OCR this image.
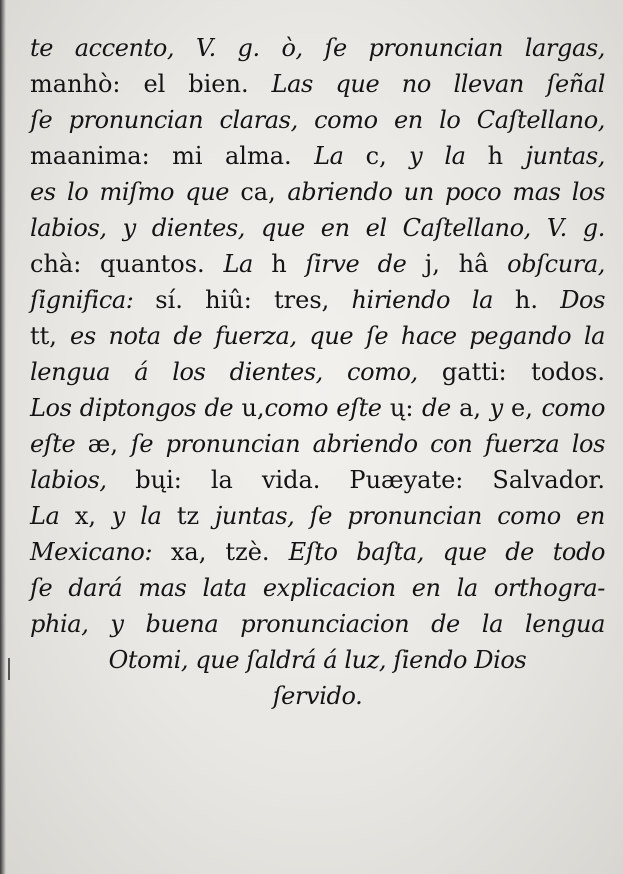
te accento, V. g. ò, ſe pronuncian largas,
manhò: el bien. Las que no llevan ſeñal
ſe pronuncian claras, como en lo Caſtellano,
maanima: mi alma. La c, y la h juntas,
es lo miſmo que ca, abriendo un poco mas los
labios, y dientes, que en el Caſtellano, V. g.
chà: quantos. La h ſirve de j, hâ obſcura,
ſignifica: sí. hiû: tres, hiriendo la h. Dos
tt, es nota de fuerza, que ſe hace pegando la
lengua á los dientes, como, gatti: todos.
Los diptongos de u,como eſte ų: de a, y e, como
eſte æ, ſe pronuncian abriendo con fuerza los
labios, bųi: la vida. Puæyate: Salvador.
La x, y la tz juntas, ſe pronuncian como en
Mexicano: xa, tzè. Eſto baſta, que de todo
ſe dará mas lata explicacion en la orthogra-
phia, y buena pronunciacion de la lengua
Otomi, que ſaldrá á luz, ſiendo Dios
ſervido.
